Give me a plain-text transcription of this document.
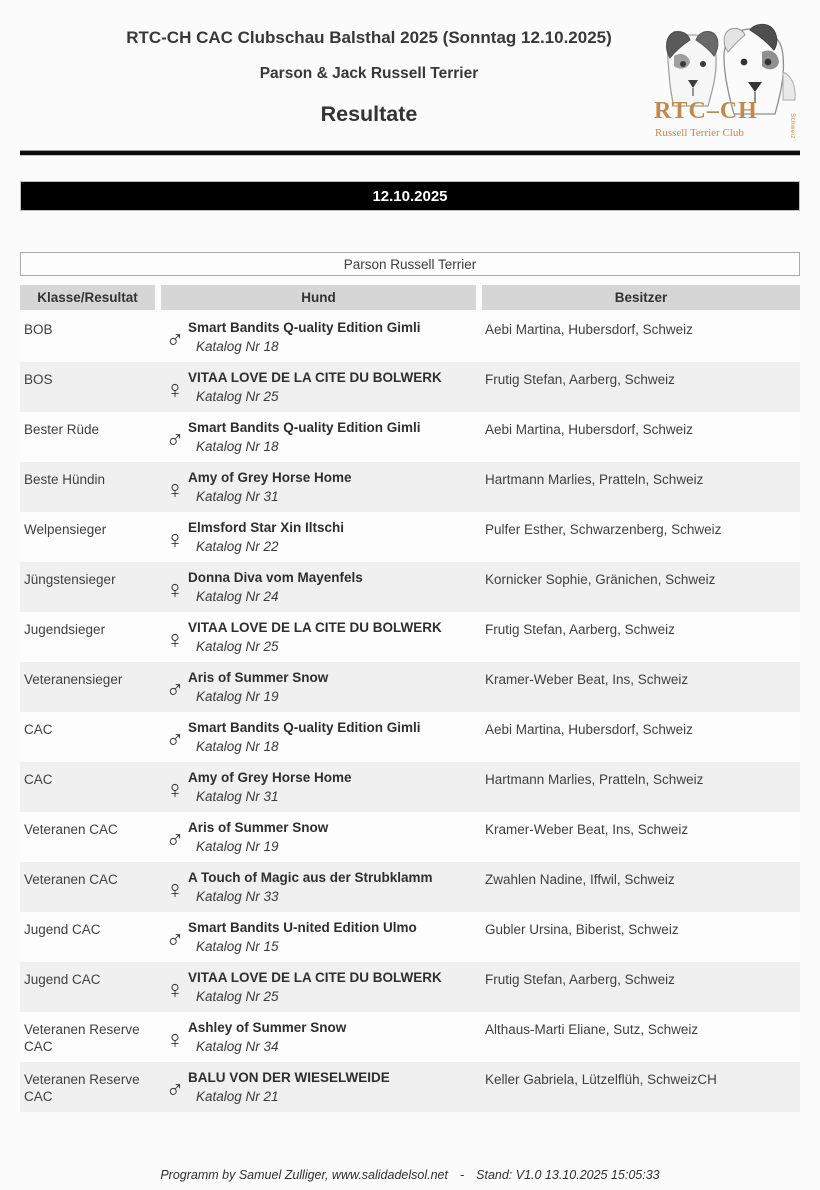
RTC-CH CAC Clubschau Balsthal 2025 (Sonntag 12.10.2025)
Parson & Jack Russell Terrier
Resultate	RTC–CH
Russell Terrier Club	Schweiz
12.10.2025
Parson Russell Terrier
Klasse/Resultat	Hund	Besitzer
BOB	♂ Smart Bandits Q-uality Edition Gimli
Katalog Nr 18
Aebi Martina, Hubersdorf, Schweiz
BOS	♀ VITAA LOVE DE LA CITE DU BOLWERK
Katalog Nr 25
Frutig Stefan, Aarberg, Schweiz
Bester Rüde	♂ Smart Bandits Q-uality Edition Gimli
Katalog Nr 18
Aebi Martina, Hubersdorf, Schweiz
Beste Hündin	♀ Amy of Grey Horse Home
Katalog Nr 31
Hartmann Marlies, Pratteln, Schweiz
Welpensieger	♀ Elmsford Star Xin Iltschi
Katalog Nr 22
Pulfer Esther, Schwarzenberg, Schweiz
Jüngstensieger	♀ Donna Diva vom Mayenfels
Katalog Nr 24
Kornicker Sophie, Gränichen, Schweiz
Jugendsieger	♀ VITAA LOVE DE LA CITE DU BOLWERK
Katalog Nr 25
Frutig Stefan, Aarberg, Schweiz
Veteranensieger	♂ Aris of Summer Snow
Katalog Nr 19
Kramer-Weber Beat, Ins, Schweiz
CAC	♂ Smart Bandits Q-uality Edition Gimli
Katalog Nr 18
Aebi Martina, Hubersdorf, Schweiz
CAC	♀ Amy of Grey Horse Home
Katalog Nr 31
Hartmann Marlies, Pratteln, Schweiz
Veteranen CAC	♂ Aris of Summer Snow
Katalog Nr 19
Kramer-Weber Beat, Ins, Schweiz
Veteranen CAC	♀ A Touch of Magic aus der Strubklamm
Katalog Nr 33
Zwahlen Nadine, Iffwil, Schweiz
Jugend CAC	♂ Smart Bandits U-nited Edition Ulmo
Katalog Nr 15
Gubler Ursina, Biberist, Schweiz
Jugend CAC	♀ VITAA LOVE DE LA CITE DU BOLWERK
Katalog Nr 25
Frutig Stefan, Aarberg, Schweiz
Veteranen Reserve CAC	♀ Ashley of Summer Snow
Katalog Nr 34
Althaus-Marti Eliane, Sutz, Schweiz
Veteranen Reserve CAC	♂ BALU VON DER WIESELWEIDE
Katalog Nr 21
Keller Gabriela, Lützelflüh, SchweizCH
Programm by Samuel Zulliger, www.salidadelsol.net - Stand: V1.0 13.10.2025 15:05:33
